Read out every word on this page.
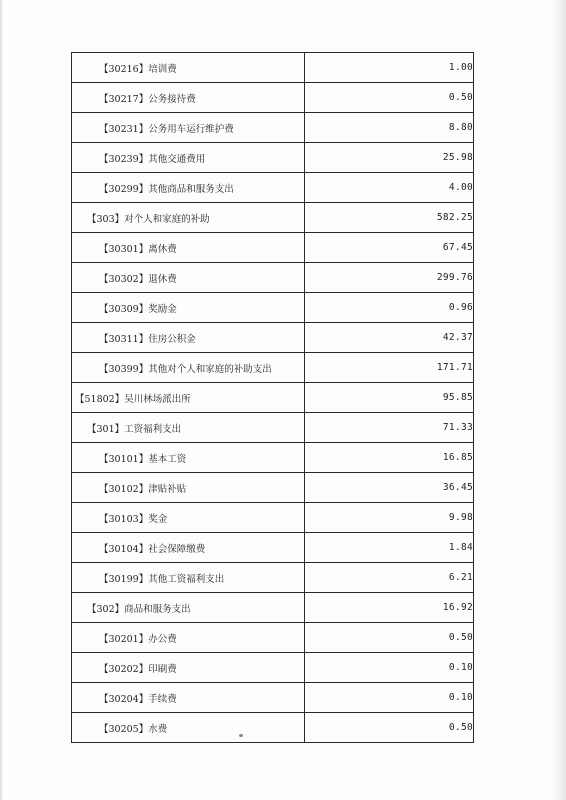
【30216】培训费	1.00
【30217】公务接待费	0.50
【30231】公务用车运行维护费	8.80
【30239】其他交通费用	25.98
【30299】其他商品和服务支出	4.00
【303】对个人和家庭的补助	582.25
【30301】离休费	67.45
【30302】退休费	299.76
【30309】奖励金	0.96
【30311】住房公积金	42.37
【30399】其他对个人和家庭的补助支出	171.71
【51802】吴川林场派出所	95.85
【301】工资福利支出	71.33
【30101】基本工资	16.85
【30102】津贴补贴	36.45
【30103】奖金	9.98
【30104】社会保障缴费	1.84
【30199】其他工资福利支出	6.21
【302】商品和服务支出	16.92
【30201】办公费	0.50
【30202】印刷费	0.10
【30204】手续费	0.10
【30205】水费	0.50
